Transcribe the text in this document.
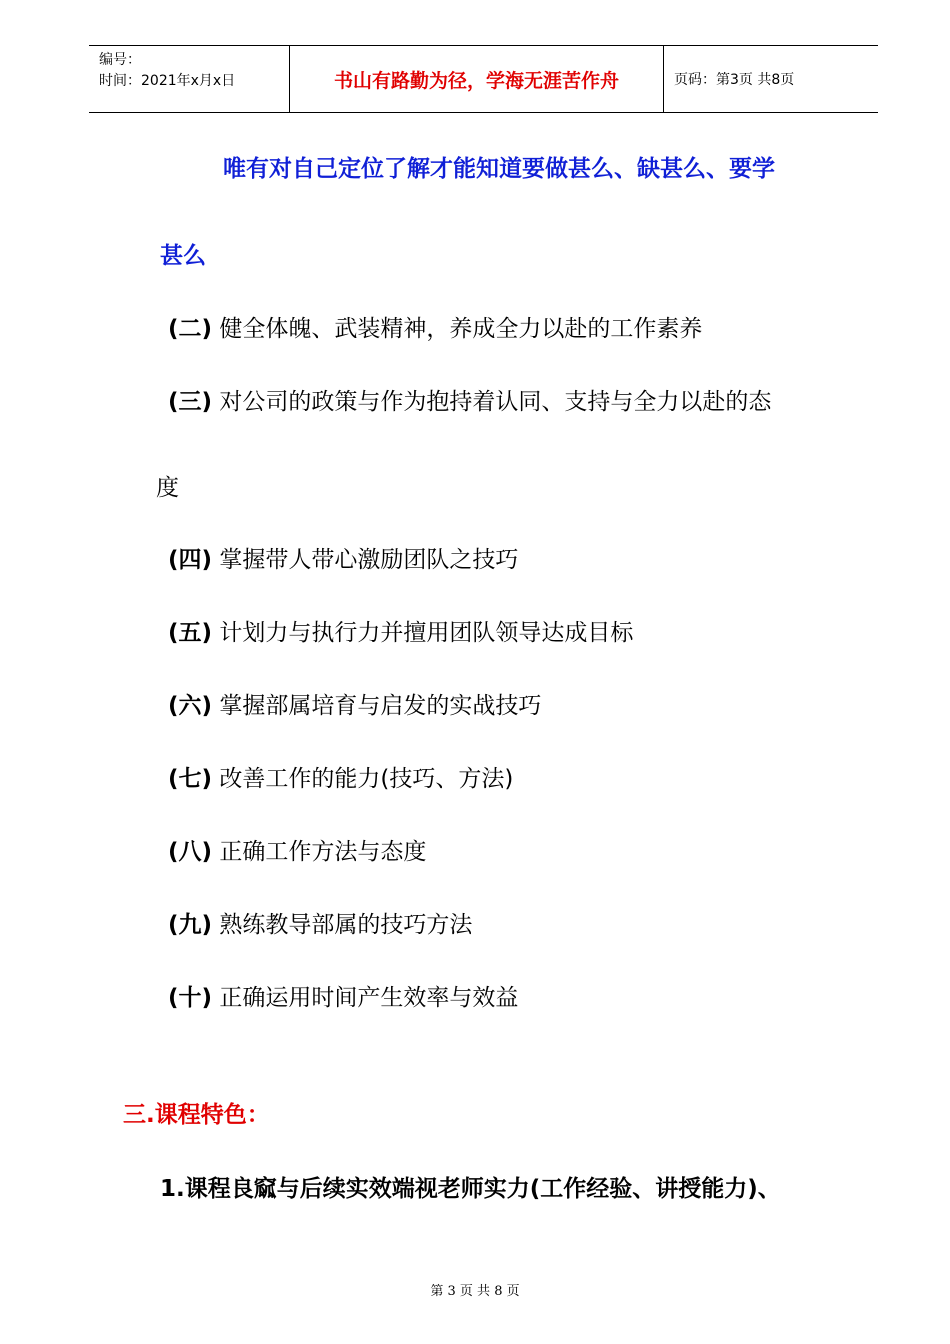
编号：
时间：2021年x月x日	书山有路勤为径，学海无涯苦作舟	页码：第3页 共8页
唯有对自己定位了解才能知道要做甚么、缺甚么、要学
甚么
(二) 健全体魄、武装精神，养成全力以赴的工作素养
(三) 对公司的政策与作为抱持着认同、支持与全力以赴的态
度
(四) 掌握带人带心激励团队之技巧
(五) 计划力与执行力并擅用团队领导达成目标
(六) 掌握部属培育与启发的实战技巧
(七) 改善工作的能力(技巧、方法)
(八) 正确工作方法与态度
(九) 熟练教导部属的技巧方法
(十) 正确运用时间产生效率与效益
三.课程特色：
1.课程良窳与后续实效端视老师实力(工作经验、讲授能力)、
第 3 页 共 8 页
